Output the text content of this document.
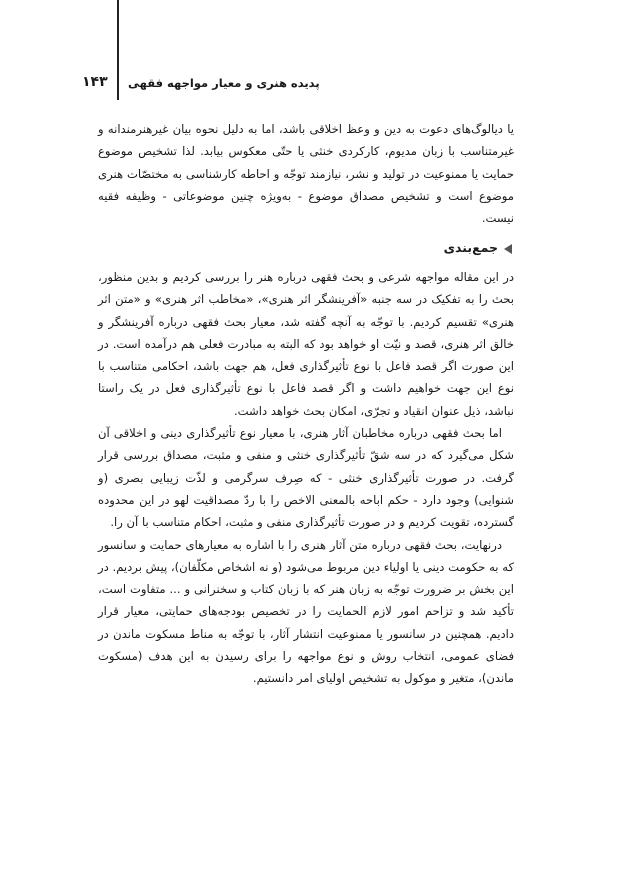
۱۴۳ پدیده هنری و معیار مواجهه فقهی

یا دیالوگ‌های دعوت به دین و وعظ اخلاقی باشد، اما به دلیل نحوه بیان غیرهنرمندانه و غیرمتناسب با زبان مدیوم، کارکردی خنثی یا حتّی معکوس بیابد. لذا تشخیص موضوع حمایت یا ممنوعیت در تولید و نشر، نیازمند توجّه و احاطه کارشناسی به مختصّات هنری موضوع است و تشخیص مصداق موضوع - به‌ویژه چنین موضوعاتی - وظیفه فقیه نیست.

جمع‌بندی

در این مقاله مواجهه شرعی و بحث فقهی درباره هنر را بررسی کردیم و بدین منظور، بحث را به تفکیک در سه جنبه «آفرینشگر اثر هنری»، «مخاطب اثر هنری» و «متن اثر هنری» تقسیم کردیم. با توجّه به آنچه گفته شد، معیار بحث فقهی درباره آفرینشگر و خالق اثر هنری، قصد و نیّت او خواهد بود که البته به مبادرت فعلی هم درآمده است. در این صورت اگر قصد فاعل با نوع تأثیرگذاری فعل، هم جهت باشد، احکامی متناسب با نوع این جهت خواهیم داشت و اگر قصد فاعل با نوع تأثیرگذاری فعل در یک راستا نباشد، ذیل عنوان انقیاد و تجرّی، امکان بحث خواهد داشت.

اما بحث فقهی درباره مخاطبان آثار هنری، با معیار نوع تأثیرگذاری دینی و اخلاقی آن شکل می‌گیرد که در سه شقّ تأثیرگذاری خنثی و منفی و مثبت، مصداق بررسی قرار گرفت. در صورت تأثیرگذاری خنثی - که صِرف سرگرمی و لذّت زیبایی بصری (و شنوایی) وجود دارد - حکم اباحه بالمعنی الاخص را با ردّ مصداقیت لهو در این محدوده گسترده، تقویت کردیم و در صورت تأثیرگذاری منفی و مثبت، احکام متناسب با آن را.

درنهایت، بحث فقهی درباره متن آثار هنری را با اشاره به معیارهای حمایت و سانسور که به حکومت دینی یا اولیاء دین مربوط می‌شود (و نه اشخاص مکلّفان)، پیش بردیم. در این بخش بر ضرورت توجّه به زبان هنر که با زبان کتاب و سخنرانی و ... متفاوت است، تأکید شد و تزاحم امور لازم الحمایت را در تخصیص بودجه‌های حمایتی، معیار قرار دادیم. همچنین در سانسور یا ممنوعیت انتشار آثار، با توجّه به مناط مسکوت ماندن در فضای عمومی، انتخاب روش و نوع مواجهه را برای رسیدن به این هدف (مسکوت ماندن)، متغیر و موکول به تشخیص اولیای امر دانستیم.
